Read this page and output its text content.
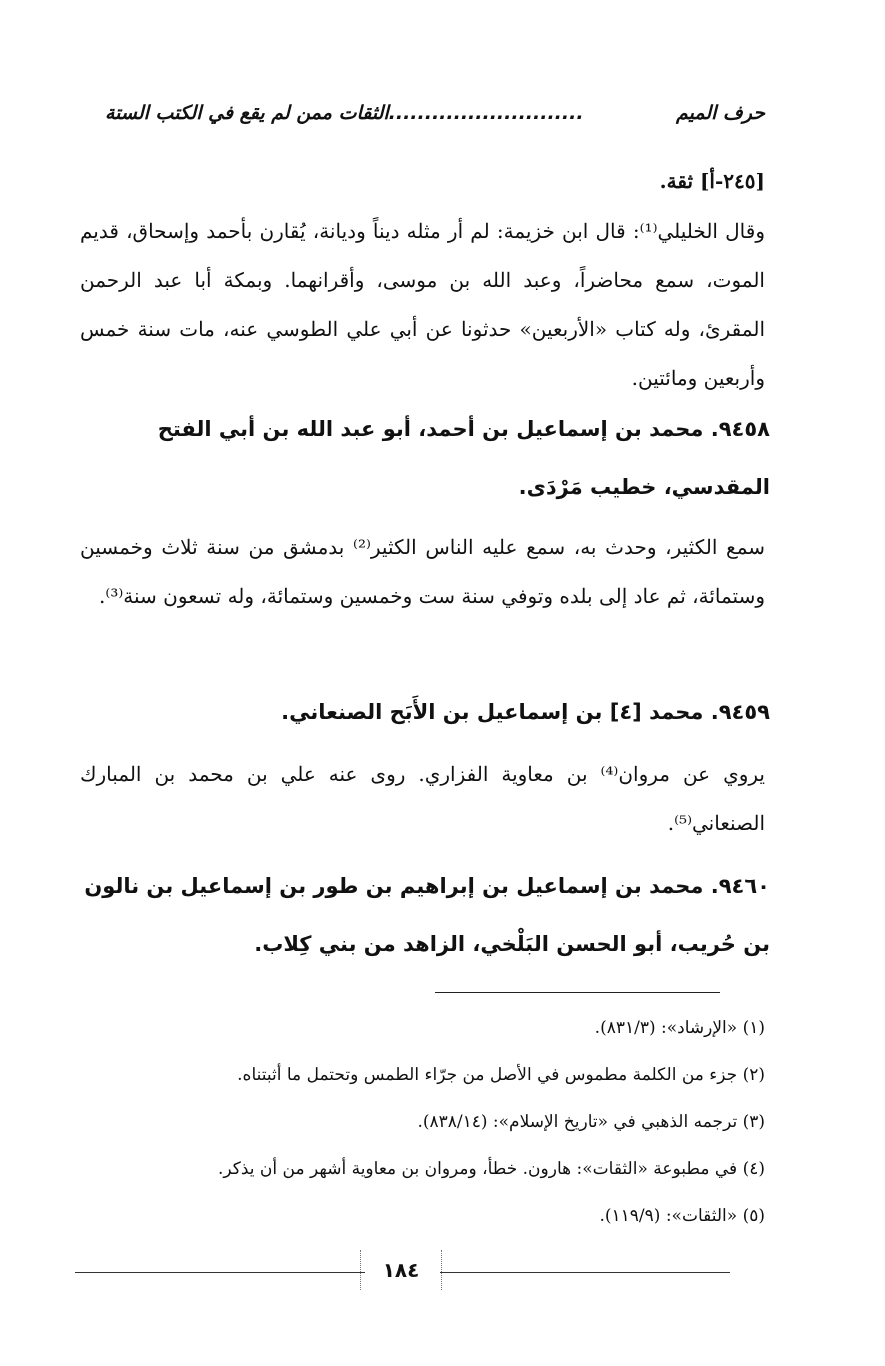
حرف الميم
...........................الثقات ممن لم يقع في الكتب الستة

[٢٤٥-أ] ثقة.

وقال الخليلي⁽¹⁾: قال ابن خزيمة: لم أر مثله ديناً وديانة، يُقارن بأحمد وإسحاق، قديم الموت، سمع محاضراً، وعبد الله بن موسى، وأقرانهما. وبمكة أبا عبد الرحمن المقرئ، وله كتاب «الأربعين» حدثونا عن أبي علي الطوسي عنه، مات سنة خمس وأربعين ومائتين.

٩٤٥٨. محمد بن إسماعيل بن أحمد، أبو عبد الله بن أبي الفتح المقدسي، خطيب مَرْدَى.

سمع الكثير، وحدث به، سمع عليه الناس الكثير⁽²⁾ بدمشق من سنة ثلاث وخمسين وستمائة، ثم عاد إلى بلده وتوفي سنة ست وخمسين وستمائة، وله تسعون سنة⁽³⁾.

٩٤٥٩. محمد [٤] بن إسماعيل بن الأَبَح الصنعاني.

يروي عن مروان⁽⁴⁾ بن معاوية الفزاري. روى عنه علي بن محمد بن المبارك الصنعاني⁽⁵⁾.

٩٤٦٠. محمد بن إسماعيل بن إبراهيم بن طور بن إسماعيل بن نالون بن حُريب، أبو الحسن البَلْخي، الزاهد من بني كِلاب.

(١) «الإرشاد»: (٨٣١/٣).
(٢) جزء من الكلمة مطموس في الأصل من جرّاء الطمس وتحتمل ما أثبتناه.
(٣) ترجمه الذهبي في «تاريخ الإسلام»: (٨٣٨/١٤).
(٤) في مطبوعة «الثقات»: هارون. خطأ، ومروان بن معاوية أشهر من أن يذكر.
(٥) «الثقات»: (١١٩/٩).
١٨٤
